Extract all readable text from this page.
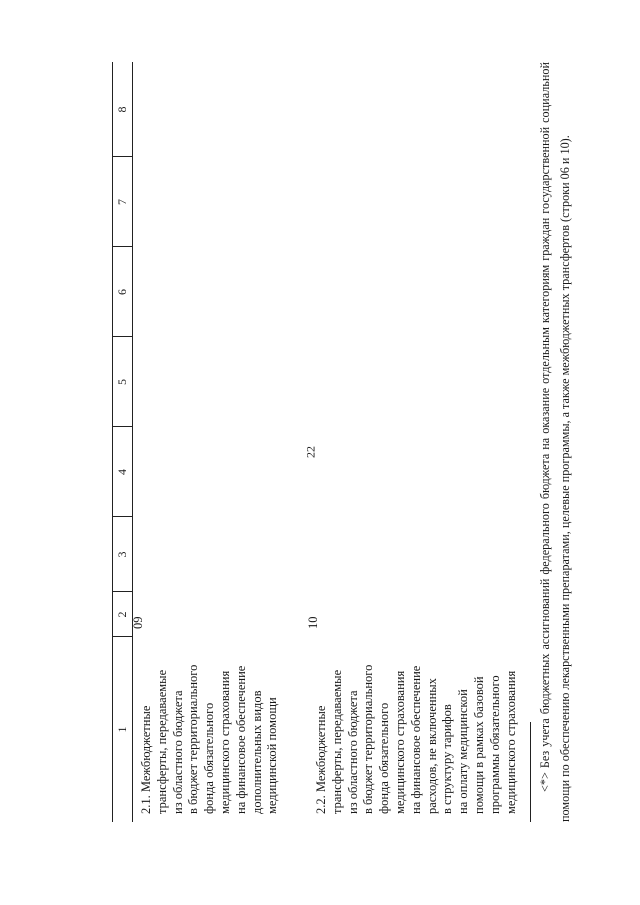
22
1
2
3
4
5
6
7
8
2.1. Межбюджетные
трансферты, передаваемые
из областного бюджета
в бюджет территориального
фонда обязательного
медицинского страхования
на финансовое обеспечение
дополнительных видов
медицинской помощи
09
2.2. Межбюджетные
трансферты, передаваемые
из областного бюджета
в бюджет территориального
фонда обязательного
медицинского страхования
на финансовое обеспечение
расходов, не включенных
в структуру тарифов
на оплату медицинской
помощи в рамках базовой
программы обязательного
медицинского страхования
10	<*> Без учета бюджетных ассигнований федерального бюджета на оказание отдельным категориям граждан государственной социальной помощи по обеспечению лекарственными препаратами, целевые программы, а также межбюджетных трансфертов (строки 06 и 10).
